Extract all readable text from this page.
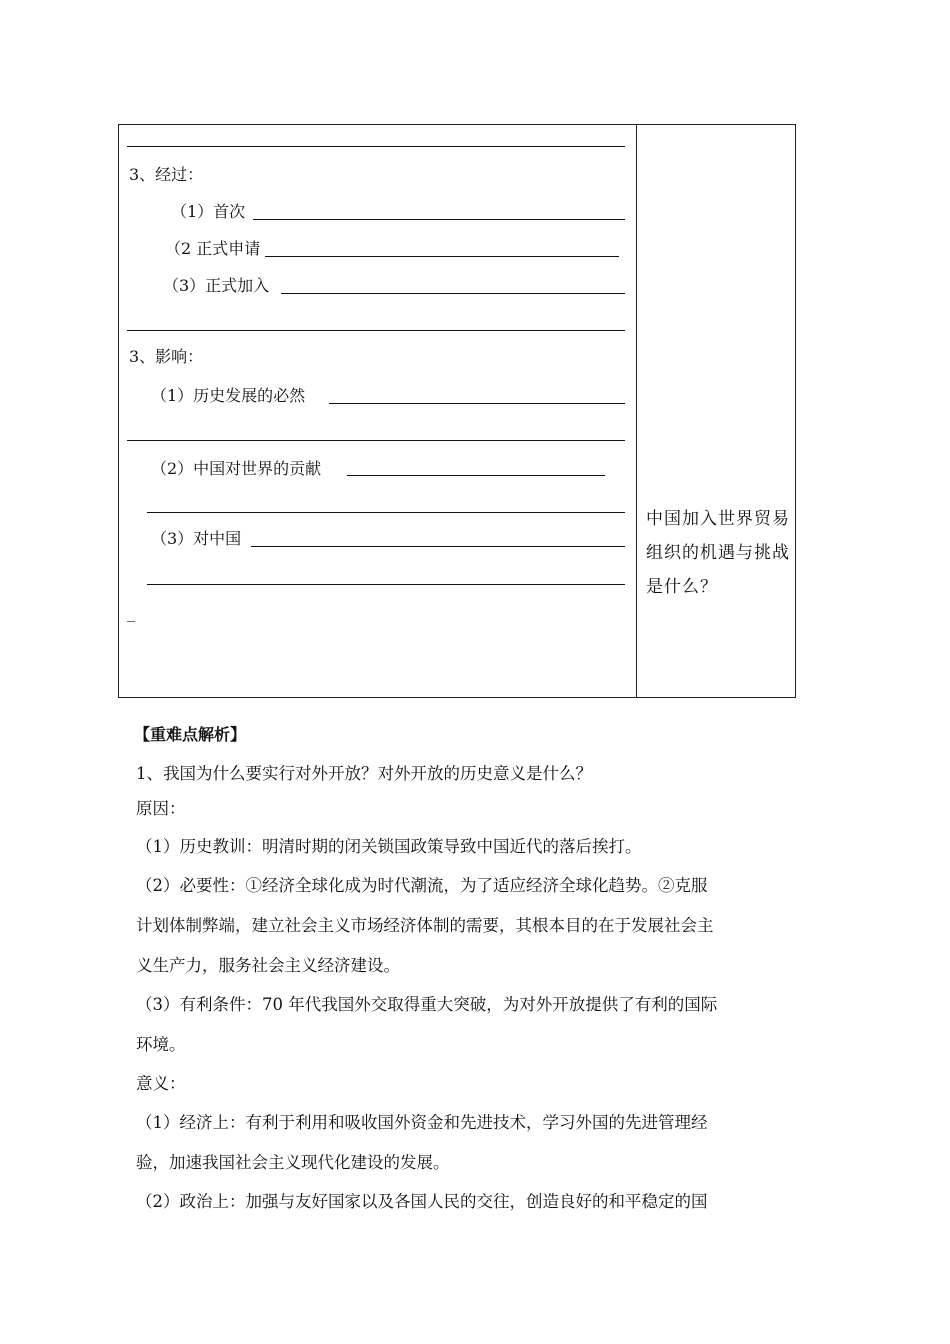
3、经过：
（1）首次
（2 正式申请
（3）正式加入
3、影响：
（1）历史发展的必然
（2）中国对世界的贡献
（3）对中国
_
中国加入世界贸易组织的机遇与挑战是什么？
【重难点解析】
1、我国为什么要实行对外开放？对外开放的历史意义是什么？
原因：
（1）历史教训：明清时期的闭关锁国政策导致中国近代的落后挨打。
（2）必要性：①经济全球化成为时代潮流，为了适应经济全球化趋势。②克服
计划体制弊端，建立社会主义市场经济体制的需要，其根本目的在于发展社会主
义生产力，服务社会主义经济建设。
（3）有利条件：70 年代我国外交取得重大突破，为对外开放提供了有利的国际
环境。
意义：
（1）经济上：有利于利用和吸收国外资金和先进技术，学习外国的先进管理经
验，加速我国社会主义现代化建设的发展。
（2）政治上：加强与友好国家以及各国人民的交往，创造良好的和平稳定的国
